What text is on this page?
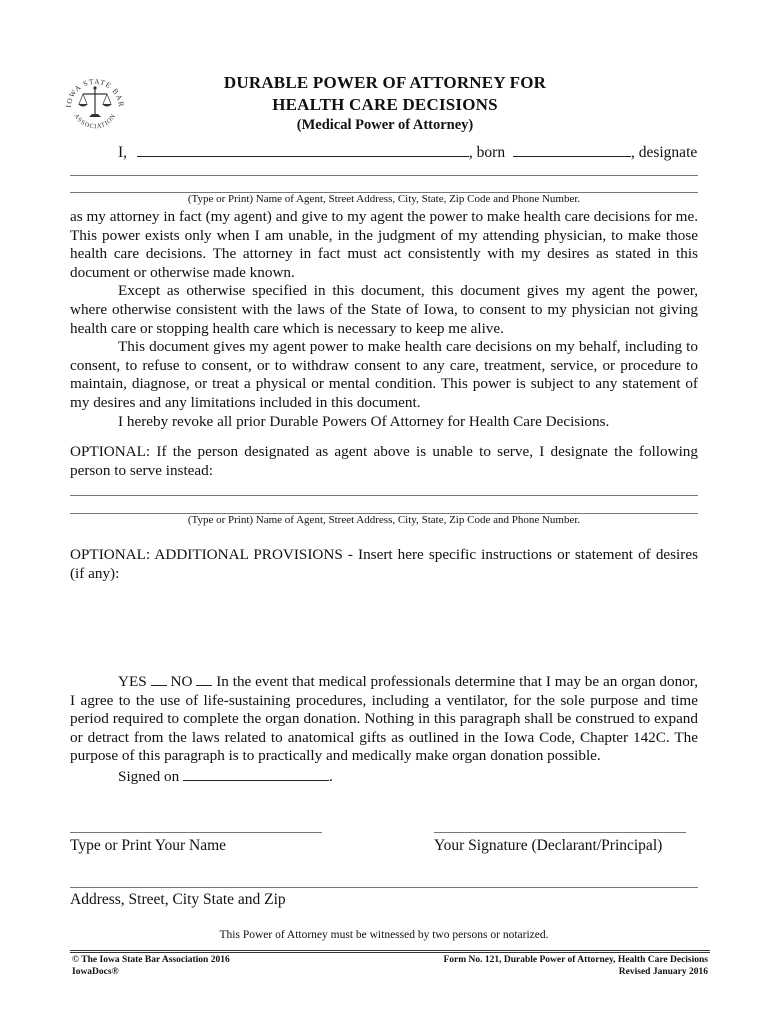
IOWA STATE BAR
ASSOCIATION
DURABLE POWER OF ATTORNEY FOR
HEALTH CARE DECISIONS
(Medical Power of Attorney)
I,	, born	, designate
(Type or Print) Name of Agent, Street Address, City, State, Zip Code and Phone Number.

as my attorney in fact (my agent) and give to my agent the power to make health care decisions for me. This power exists only when I am unable, in the judgment of my attending physician, to make those health care decisions. The attorney in fact must act consistently with my desires as stated in this document or otherwise made known.

Except as otherwise specified in this document, this document gives my agent the power, where otherwise consistent with the laws of the State of Iowa, to consent to my physician not giving health care or stopping health care which is necessary to keep me alive.

This document gives my agent power to make health care decisions on my behalf, including to consent, to refuse to consent, or to withdraw consent to any care, treatment, service, or procedure to maintain, diagnose, or treat a physical or mental condition. This power is subject to any statement of my desires and any limitations included in this document.

I hereby revoke all prior Durable Powers Of Attorney for Health Care Decisions.

OPTIONAL: If the person designated as agent above is unable to serve, I designate the following person to serve instead:
(Type or Print) Name of Agent, Street Address, City, State, Zip Code and Phone Number.
OPTIONAL: ADDITIONAL PROVISIONS - Insert here specific instructions or statement of desires (if any):

YES NO In the event that medical professionals determine that I may be an organ donor, I agree to the use of life-sustaining procedures, including a ventilator, for the sole purpose and time period required to complete the organ donation. Nothing in this paragraph shall be construed to expand or detract from the laws related to anatomical gifts as outlined in the Iowa Code, Chapter 142C. The purpose of this paragraph is to practically and medically make organ donation possible.

Signed on	.

Type or Print Your Name	Your Signature (Declarant/Principal)
Address, Street, City State and Zip
This Power of Attorney must be witnessed by two persons or notarized.
© The Iowa State Bar Association 2016
IowaDocs®
Form No. 121, Durable Power of Attorney, Health Care Decisions
Revised January 2016
